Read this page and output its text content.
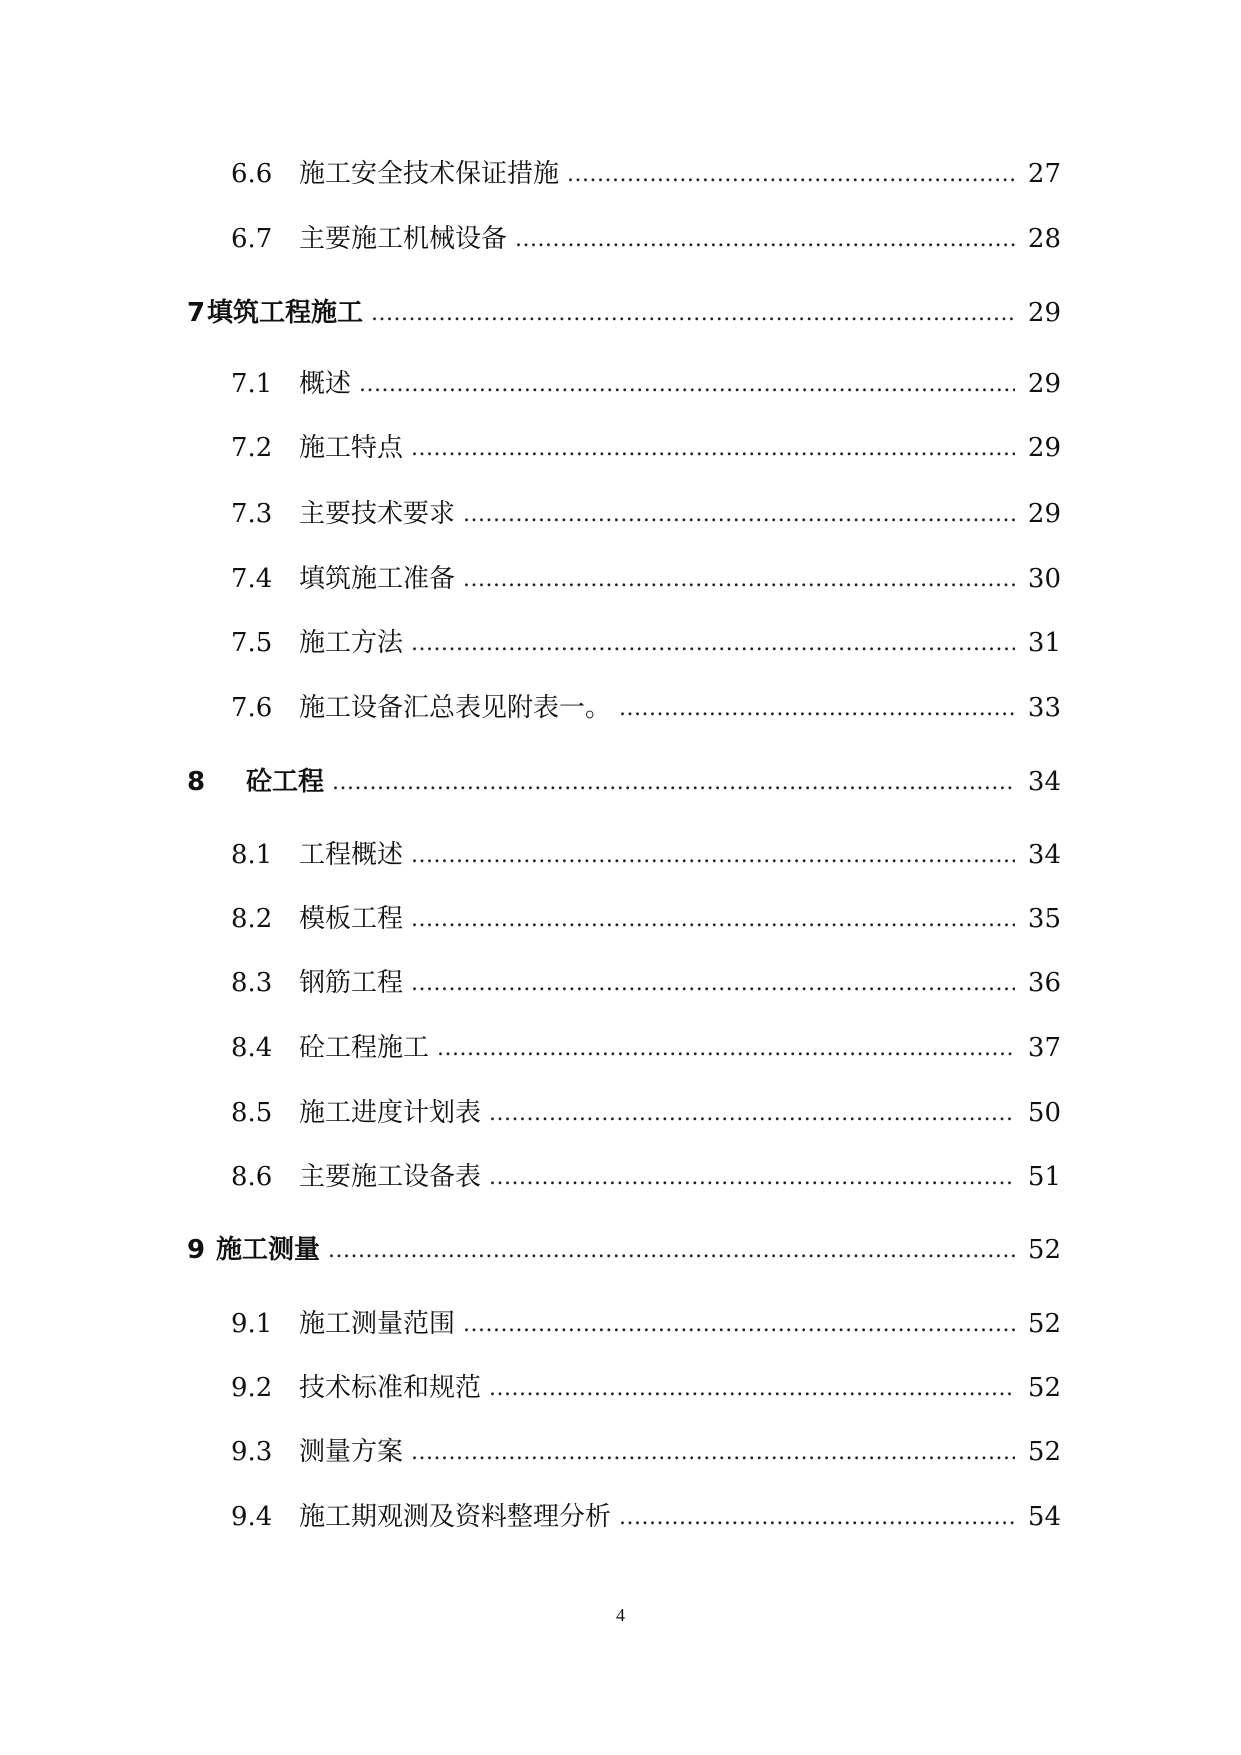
6.6 施工安全技术保证措施 .....	27
6.7 主要施工机械设备 .....	28
7 填筑工程施工 .....	29
7.1 概述 .....	29
7.2 施工特点 .....	29
7.3 主要技术要求 .....	29
7.4 填筑施工准备 .....	30
7.5 施工方法 .....	31
7.6 施工设备汇总表见附表一。 .....	33
8 砼工程 .....	34
8.1 工程概述 .....	34
8.2 模板工程 .....	35
8.3 钢筋工程 .....	36
8.4 砼工程施工 .....	37
8.5 施工进度计划表 .....	50
8.6 主要施工设备表 .....	51
9 施工测量 .....	52
9.1 施工测量范围 .....	52
9.2 技术标准和规范 .....	52
9.3 测量方案 .....	52
9.4 施工期观测及资料整理分析 .....	54
4
